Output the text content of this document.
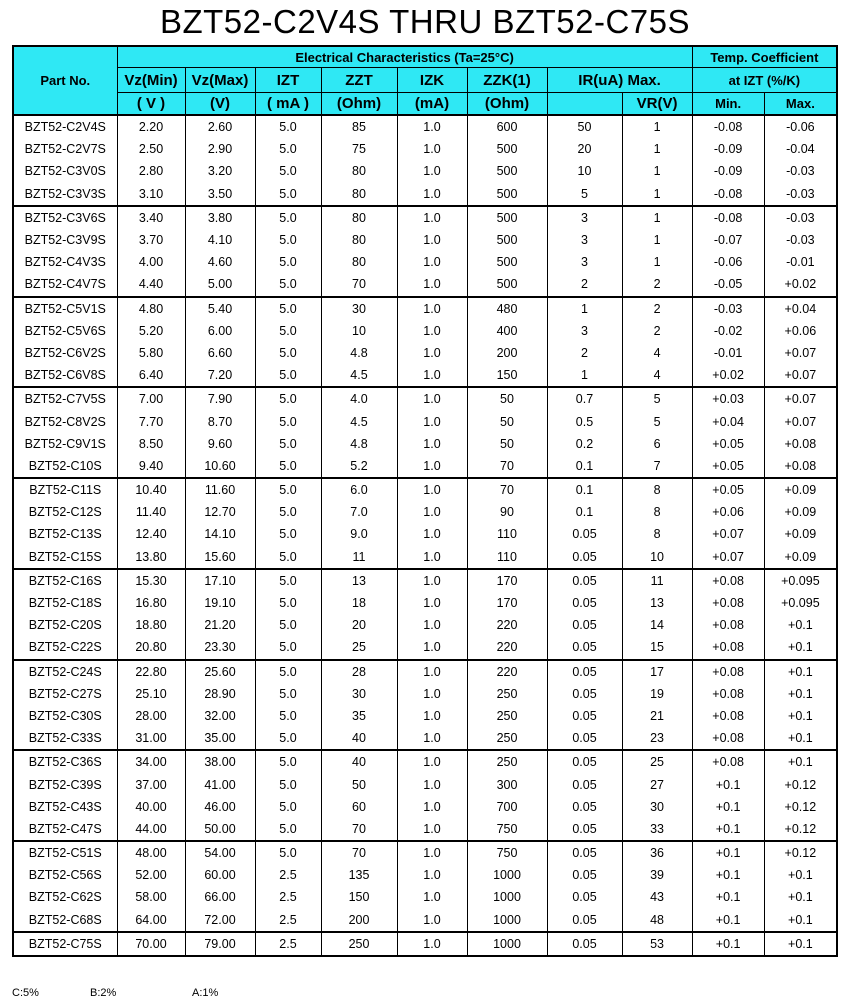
BZT52-C2V4S THRU BZT52-C75S
Part No.	Electrical Characteristics (Ta=25°C)								Temp. Coefficient	
	Vz(Min)	Vz(Max)	IZT	ZZT	IZK	ZZK(1)	IR(uA) Max.		at IZT (%/K)	
	( V )	(V)	( mA )	(Ohm)	(mA)	(Ohm)		VR(V)	Min.	Max.
BZT52-C2V4S	2.20	2.60	5.0	85	1.0	600	50	1	-0.08	-0.06
BZT52-C2V7S	2.50	2.90	5.0	75	1.0	500	20	1	-0.09	-0.04
BZT52-C3V0S	2.80	3.20	5.0	80	1.0	500	10	1	-0.09	-0.03
BZT52-C3V3S	3.10	3.50	5.0	80	1.0	500	5	1	-0.08	-0.03
BZT52-C3V6S	3.40	3.80	5.0	80	1.0	500	3	1	-0.08	-0.03
BZT52-C3V9S	3.70	4.10	5.0	80	1.0	500	3	1	-0.07	-0.03
BZT52-C4V3S	4.00	4.60	5.0	80	1.0	500	3	1	-0.06	-0.01
BZT52-C4V7S	4.40	5.00	5.0	70	1.0	500	2	2	-0.05	+0.02
BZT52-C5V1S	4.80	5.40	5.0	30	1.0	480	1	2	-0.03	+0.04
BZT52-C5V6S	5.20	6.00	5.0	10	1.0	400	3	2	-0.02	+0.06
BZT52-C6V2S	5.80	6.60	5.0	4.8	1.0	200	2	4	-0.01	+0.07
BZT52-C6V8S	6.40	7.20	5.0	4.5	1.0	150	1	4	+0.02	+0.07
BZT52-C7V5S	7.00	7.90	5.0	4.0	1.0	50	0.7	5	+0.03	+0.07
BZT52-C8V2S	7.70	8.70	5.0	4.5	1.0	50	0.5	5	+0.04	+0.07
BZT52-C9V1S	8.50	9.60	5.0	4.8	1.0	50	0.2	6	+0.05	+0.08
BZT52-C10S	9.40	10.60	5.0	5.2	1.0	70	0.1	7	+0.05	+0.08
BZT52-C11S	10.40	11.60	5.0	6.0	1.0	70	0.1	8	+0.05	+0.09
BZT52-C12S	11.40	12.70	5.0	7.0	1.0	90	0.1	8	+0.06	+0.09
BZT52-C13S	12.40	14.10	5.0	9.0	1.0	110	0.05	8	+0.07	+0.09
BZT52-C15S	13.80	15.60	5.0	11	1.0	110	0.05	10	+0.07	+0.09
BZT52-C16S	15.30	17.10	5.0	13	1.0	170	0.05	11	+0.08	+0.095
BZT52-C18S	16.80	19.10	5.0	18	1.0	170	0.05	13	+0.08	+0.095
BZT52-C20S	18.80	21.20	5.0	20	1.0	220	0.05	14	+0.08	+0.1
BZT52-C22S	20.80	23.30	5.0	25	1.0	220	0.05	15	+0.08	+0.1
BZT52-C24S	22.80	25.60	5.0	28	1.0	220	0.05	17	+0.08	+0.1
BZT52-C27S	25.10	28.90	5.0	30	1.0	250	0.05	19	+0.08	+0.1
BZT52-C30S	28.00	32.00	5.0	35	1.0	250	0.05	21	+0.08	+0.1
BZT52-C33S	31.00	35.00	5.0	40	1.0	250	0.05	23	+0.08	+0.1
BZT52-C36S	34.00	38.00	5.0	40	1.0	250	0.05	25	+0.08	+0.1
BZT52-C39S	37.00	41.00	5.0	50	1.0	300	0.05	27	+0.1	+0.12
BZT52-C43S	40.00	46.00	5.0	60	1.0	700	0.05	30	+0.1	+0.12
BZT52-C47S	44.00	50.00	5.0	70	1.0	750	0.05	33	+0.1	+0.12
BZT52-C51S	48.00	54.00	5.0	70	1.0	750	0.05	36	+0.1	+0.12
BZT52-C56S	52.00	60.00	2.5	135	1.0	1000	0.05	39	+0.1	+0.1
BZT52-C62S	58.00	66.00	2.5	150	1.0	1000	0.05	43	+0.1	+0.1
BZT52-C68S	64.00	72.00	2.5	200	1.0	1000	0.05	48	+0.1	+0.1
BZT52-C75S	70.00	79.00	2.5	250	1.0	1000	0.05	53	+0.1	+0.1
C:5%	B:2%	A:1%
